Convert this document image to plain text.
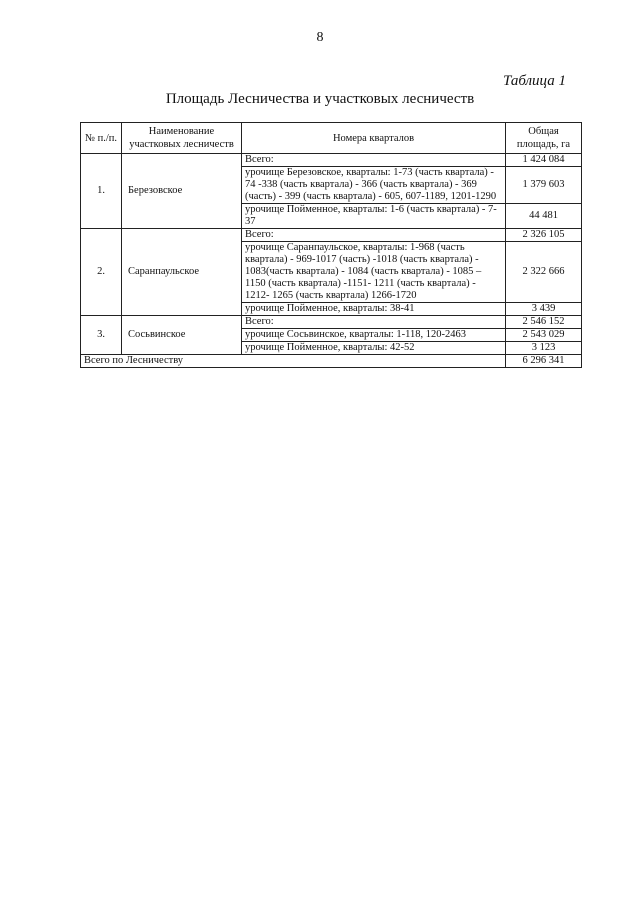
8
Таблица 1
Площадь Лесничества и участковых лесничеств
№ п./п.	Наименование участковых лесничеств	Номера кварталов	Общая площадь, га
1.	Березовское	Всего:	1 424 084
		урочище Березовское, кварталы: 1-73 (часть квартала) - 74 -338 (часть квартала) - 366 (часть квартала) - 369 (часть) - 399 (часть квартала) - 605, 607-1189, 1201-1290	1 379 603
		урочище Пойменное, кварталы: 1-6 (часть квартала) - 7-37	44 481
2.	Саранпаульское	Всего:	2 326 105
		урочище Саранпаульское, кварталы: 1-968 (часть квартала) - 969-1017 (часть) -1018 (часть квартала) - 1083(часть квартала) - 1084 (часть квартала) - 1085 – 1150 (часть квартала) -1151- 1211 (часть квартала) - 1212- 1265 (часть квартала) 1266-1720	2 322 666
		урочище Пойменное, кварталы: 38-41	3 439
3.	Сосьвинское	Всего:	2 546 152
		урочище Сосьвинское, кварталы: 1-118, 120-2463	2 543 029
		урочище Пойменное, кварталы: 42-52	3 123
Всего по Лесничеству			6 296 341
